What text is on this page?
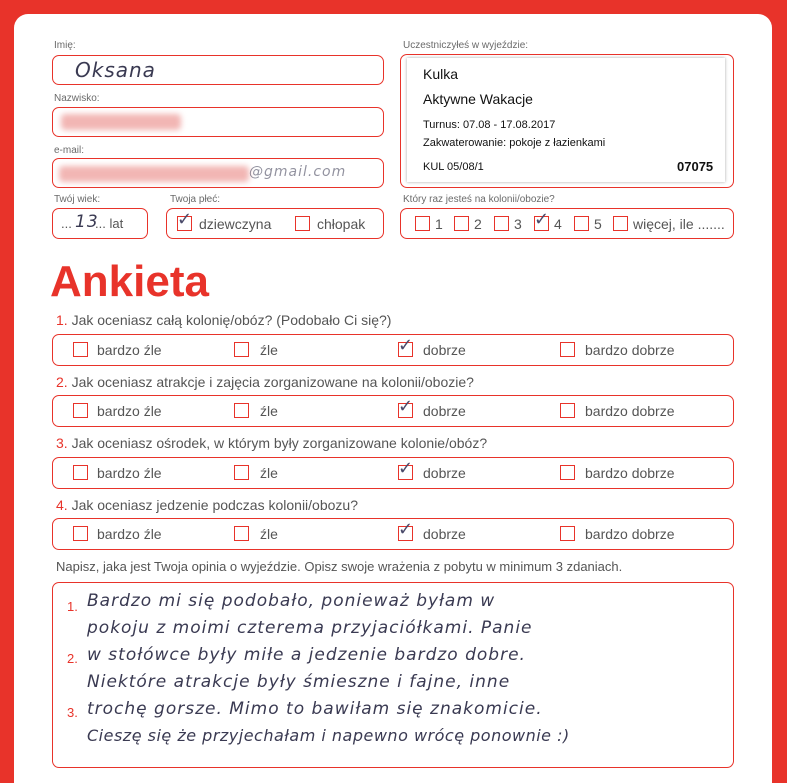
Imię:
Oksana
Nazwisko:
e-mail:
@gmail.com
Twój wiek:
... 13
... lat
Twoja płeć:
✓ dziewczyna	chłopak
Uczestniczyłeś w wyjeździe:
Kulka
Aktywne Wakacje
Turnus: 07.08 - 17.08.2017
Zakwaterowanie: pokoje z łazienkami
KUL 05/08/1	07075
Który raz jesteś na kolonii/obozie?
1 2 3 ✓ 4 5 więcej, ile .......
Ankieta
1. Jak oceniasz całą kolonię/obóz? (Podobało Ci się?)
bardzo źle	źle	✓ dobrze	bardzo dobrze
2. Jak oceniasz atrakcje i zajęcia zorganizowane na kolonii/obozie?
bardzo źle	źle	✓ dobrze	bardzo dobrze
3. Jak oceniasz ośrodek, w którym były zorganizowane kolonie/obóz?
bardzo źle	źle	✓ dobrze	bardzo dobrze
4. Jak oceniasz jedzenie podczas kolonii/obozu?
bardzo źle	źle	✓ dobrze	bardzo dobrze
Napisz, jaka jest Twoja opinia o wyjeździe. Opisz swoje wrażenia z pobytu w minimum 3 zdaniach.
1.
2.
3.
Bardzo mi się podobało, ponieważ byłam w
pokoju z moimi czterema przyjaciółkami. Panie
w stołówce były miłe a jedzenie bardzo dobre.
Niektóre atrakcje były śmieszne i fajne, inne
trochę gorsze. Mimo to bawiłam się znakomicie.
Cieszę się że przyjechałam i napewno wrócę ponownie :)
